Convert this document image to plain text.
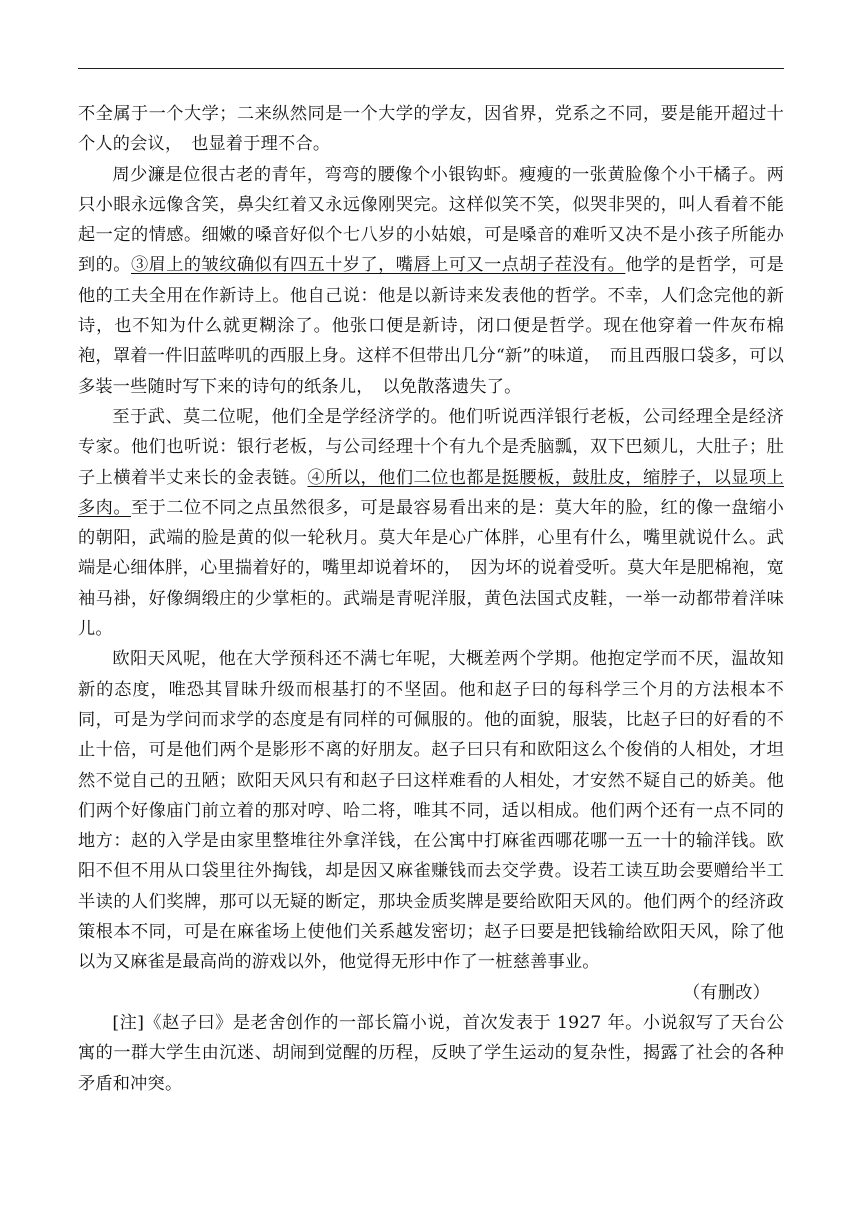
不全属于一个大学；二来纵然同是一个大学的学友，因省界，党系之不同，要是能开超过十个人的会议，　也显着于理不合。

周少濂是位很古老的青年，弯弯的腰像个小银钩虾。瘦瘦的一张黄脸像个小干橘子。两只小眼永远像含笑，鼻尖红着又永远像刚哭完。这样似笑不笑，似哭非哭的，叫人看着不能起一定的情感。细嫩的嗓音好似个七八岁的小姑娘，可是嗓音的难听又决不是小孩子所能办到的。③眉上的皱纹确似有四五十岁了，嘴唇上可又一点胡子茬没有。他学的是哲学，可是他的工夫全用在作新诗上。他自己说：他是以新诗来发表他的哲学。不幸，人们念完他的新诗，也不知为什么就更糊涂了。他张口便是新诗，闭口便是哲学。现在他穿着一件灰布棉袍，罩着一件旧蓝哔叽的西服上身。这样不但带出几分“新”的味道，　而且西服口袋多，可以多装一些随时写下来的诗句的纸条儿，　以免散落遗失了。

至于武、莫二位呢，他们全是学经济学的。他们听说西洋银行老板，公司经理全是经济专家。他们也听说：银行老板，与公司经理十个有九个是秃脑瓢，双下巴颏儿，大肚子；肚子上横着半丈来长的金表链。④所以，他们二位也都是挺腰板，鼓肚皮，缩脖子，以显项上多肉。至于二位不同之点虽然很多，可是最容易看出来的是：莫大年的脸，红的像一盘缩小的朝阳，武端的脸是黄的似一轮秋月。莫大年是心广体胖，心里有什么，嘴里就说什么。武端是心细体胖，心里揣着好的，嘴里却说着坏的，　因为坏的说着受听。莫大年是肥棉袍，宽袖马褂，好像绸缎庄的少掌柜的。武端是青呢洋服，黄色法国式皮鞋，一举一动都带着洋味儿。

欧阳天风呢，他在大学预科还不满七年呢，大概差两个学期。他抱定学而不厌，温故知新的态度，唯恐其冒昧升级而根基打的不坚固。他和赵子曰的每科学三个月的方法根本不同，可是为学问而求学的态度是有同样的可佩服的。他的面貌，服装，比赵子曰的好看的不止十倍，可是他们两个是影形不离的好朋友。赵子曰只有和欧阳这么个俊俏的人相处，才坦然不觉自己的丑陋；欧阳天风只有和赵子曰这样难看的人相处，才安然不疑自己的娇美。他们两个好像庙门前立着的那对哼、哈二将，唯其不同，适以相成。他们两个还有一点不同的地方：赵的入学是由家里整堆往外拿洋钱，在公寓中打麻雀西哪花哪一五一十的输洋钱。欧阳不但不用从口袋里往外掏钱，却是因又麻雀赚钱而去交学费。设若工读互助会要赠给半工半读的人们奖牌，那可以无疑的断定，那块金质奖牌是要给欧阳天风的。他们两个的经济政策根本不同，可是在麻雀场上使他们关系越发密切；赵子曰要是把钱输给欧阳天风，除了他以为又麻雀是最高尚的游戏以外，他觉得无形中作了一桩慈善事业。

（有删改）

[注]《赵子曰》是老舍创作的一部长篇小说，首次发表于 1927 年。小说叙写了天台公寓的一群大学生由沉迷、胡闹到觉醒的历程，反映了学生运动的复杂性，揭露了社会的各种矛盾和冲突。
